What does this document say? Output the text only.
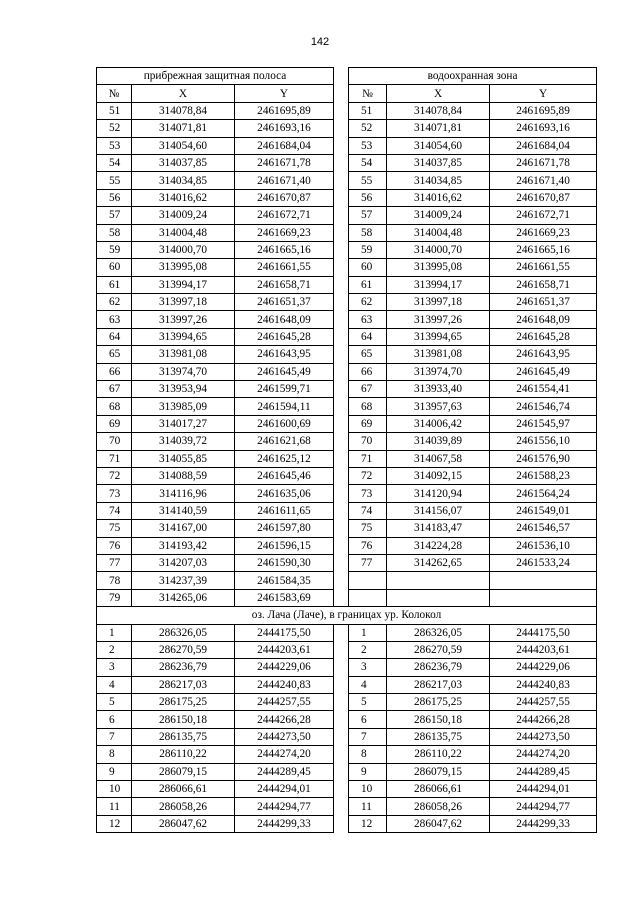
142
прибрежная защитная полоса				водоохранная зона		
№	X	Y		№	X	Y
51	314078,84	2461695,89		51	314078,84	2461695,89
52	314071,81	2461693,16		52	314071,81	2461693,16
53	314054,60	2461684,04		53	314054,60	2461684,04
54	314037,85	2461671,78		54	314037,85	2461671,78
55	314034,85	2461671,40		55	314034,85	2461671,40
56	314016,62	2461670,87		56	314016,62	2461670,87
57	314009,24	2461672,71		57	314009,24	2461672,71
58	314004,48	2461669,23		58	314004,48	2461669,23
59	314000,70	2461665,16		59	314000,70	2461665,16
60	313995,08	2461661,55		60	313995,08	2461661,55
61	313994,17	2461658,71		61	313994,17	2461658,71
62	313997,18	2461651,37		62	313997,18	2461651,37
63	313997,26	2461648,09		63	313997,26	2461648,09
64	313994,65	2461645,28		64	313994,65	2461645,28
65	313981,08	2461643,95		65	313981,08	2461643,95
66	313974,70	2461645,49		66	313974,70	2461645,49
67	313953,94	2461599,71		67	313933,40	2461554,41
68	313985,09	2461594,11		68	313957,63	2461546,74
69	314017,27	2461600,69		69	314006,42	2461545,97
70	314039,72	2461621,68		70	314039,89	2461556,10
71	314055,85	2461625,12		71	314067,58	2461576,90
72	314088,59	2461645,46		72	314092,15	2461588,23
73	314116,96	2461635,06		73	314120,94	2461564,24
74	314140,59	2461611,65		74	314156,07	2461549,01
75	314167,00	2461597,80		75	314183,47	2461546,57
76	314193,42	2461596,15		76	314224,28	2461536,10
77	314207,03	2461590,30		77	314262,65	2461533,24
78	314237,39	2461584,35				
79	314265,06	2461583,69				
оз. Лача (Лаче), в границах ур. Колокол						
1	286326,05	2444175,50		1	286326,05	2444175,50
2	286270,59	2444203,61		2	286270,59	2444203,61
3	286236,79	2444229,06		3	286236,79	2444229,06
4	286217,03	2444240,83		4	286217,03	2444240,83
5	286175,25	2444257,55		5	286175,25	2444257,55
6	286150,18	2444266,28		6	286150,18	2444266,28
7	286135,75	2444273,50		7	286135,75	2444273,50
8	286110,22	2444274,20		8	286110,22	2444274,20
9	286079,15	2444289,45		9	286079,15	2444289,45
10	286066,61	2444294,01		10	286066,61	2444294,01
11	286058,26	2444294,77		11	286058,26	2444294,77
12	286047,62	2444299,33		12	286047,62	2444299,33
